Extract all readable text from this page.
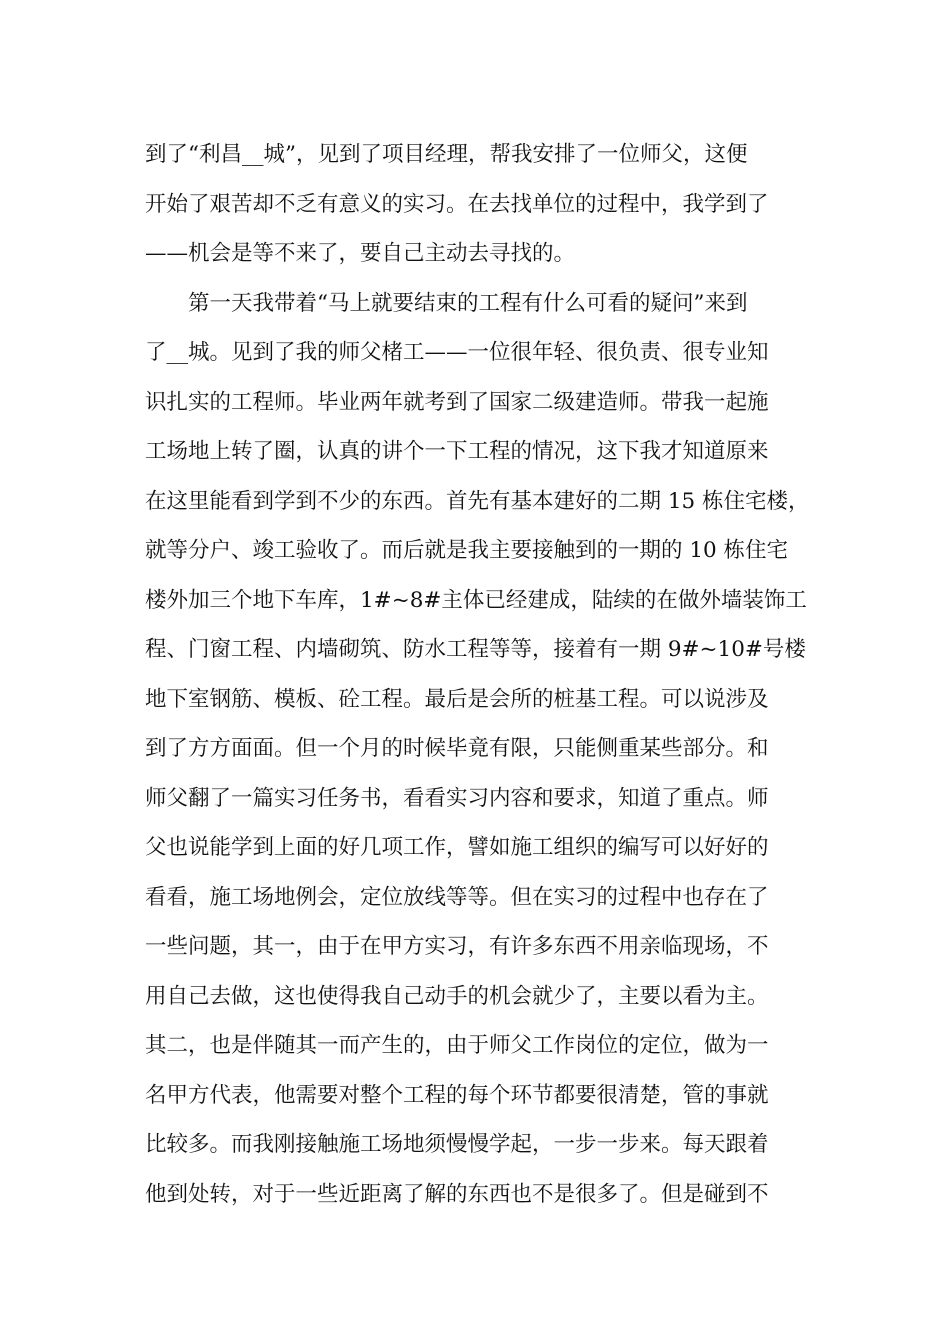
到了“利昌__城”，见到了项目经理，帮我安排了一位师父，这便
开始了艰苦却不乏有意义的实习。在去找单位的过程中，我学到了
——机会是等不来了，要自己主动去寻找的。
第一天我带着“马上就要结束的工程有什么可看的疑问”来到
了__城。见到了我的师父楮工——一位很年轻、很负责、很专业知
识扎实的工程师。毕业两年就考到了国家二级建造师。带我一起施
工场地上转了圈，认真的讲个一下工程的情况，这下我才知道原来
在这里能看到学到不少的东西。首先有基本建好的二期 15 栋住宅楼，
就等分户、竣工验收了。而后就是我主要接触到的一期的 10 栋住宅
楼外加三个地下车库，1#~8#主体已经建成，陆续的在做外墙装饰工
程、门窗工程、内墙砌筑、防水工程等等，接着有一期 9#~10#号楼
地下室钢筋、模板、砼工程。最后是会所的桩基工程。可以说涉及
到了方方面面。但一个月的时候毕竟有限，只能侧重某些部分。和
师父翻了一篇实习任务书，看看实习内容和要求，知道了重点。师
父也说能学到上面的好几项工作，譬如施工组织的编写可以好好的
看看，施工场地例会，定位放线等等。但在实习的过程中也存在了
一些问题，其一，由于在甲方实习，有许多东西不用亲临现场，不
用自己去做，这也使得我自己动手的机会就少了，主要以看为主。
其二，也是伴随其一而产生的，由于师父工作岗位的定位，做为一
名甲方代表，他需要对整个工程的每个环节都要很清楚，管的事就
比较多。而我刚接触施工场地须慢慢学起，一步一步来。每天跟着
他到处转，对于一些近距离了解的东西也不是很多了。但是碰到不
